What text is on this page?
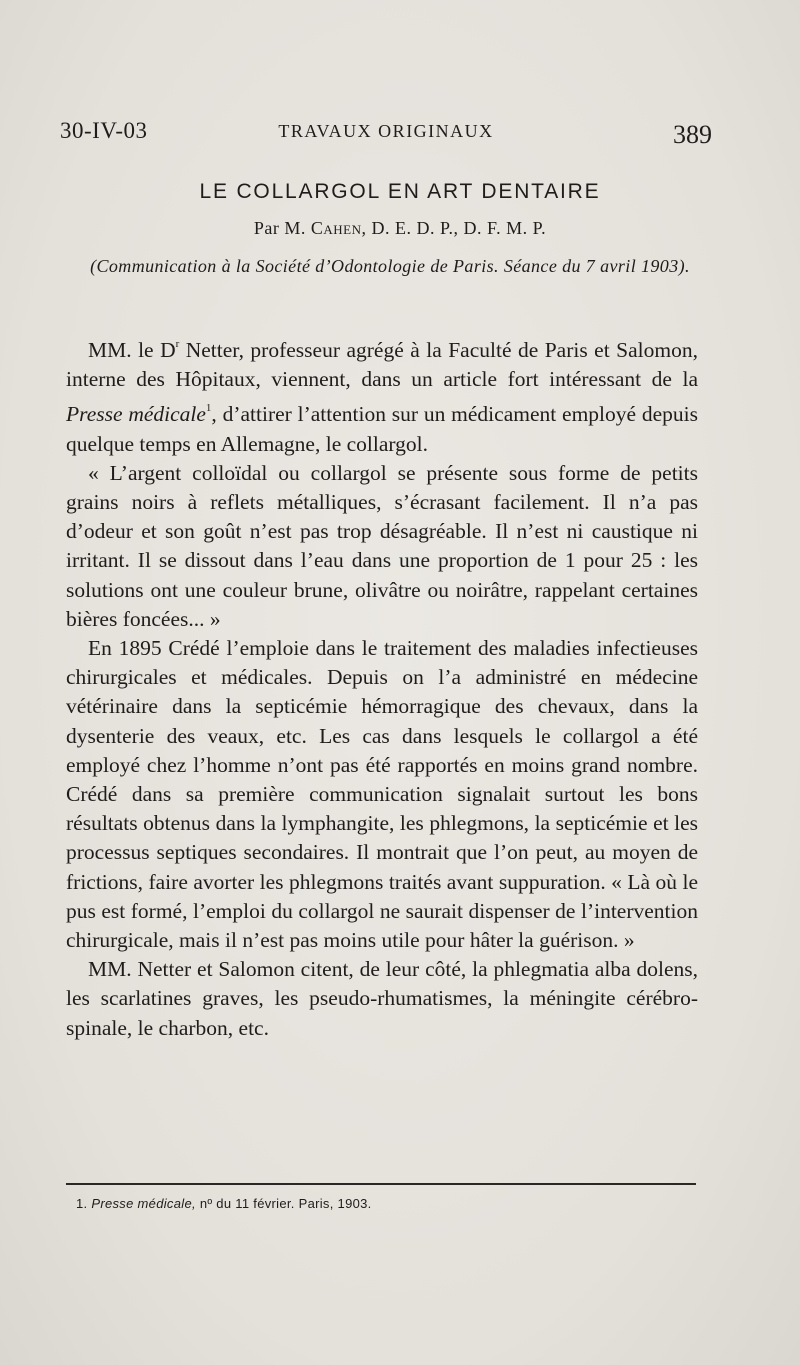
30-IV-03	TRAVAUX ORIGINAUX	389
LE COLLARGOL EN ART DENTAIRE
Par M. Cahen, D. E. D. P., D. F. M. P.
(Communication à la Société d’Odontologie de Paris. Séance du 7 avril 1903).

MM. le $D^r$ Netter, professeur agrégé à la Faculté de Paris et Salomon, interne des Hôpitaux, viennent, dans un article fort intéressant de la Presse médicale$^1$, d’attirer l’attention sur un médicament employé depuis quelque temps en Allemagne, le collargol.

« L’argent colloïdal ou collargol se présente sous forme de petits grains noirs à reflets métalliques, s’écrasant facilement. Il n’a pas d’odeur et son goût n’est pas trop désagréable. Il n’est ni caustique ni irritant. Il se dissout dans l’eau dans une proportion de 1 pour 25 : les solutions ont une couleur brune, olivâtre ou noirâtre, rappelant certaines bières foncées... »

En 1895 Crédé l’emploie dans le traitement des maladies infectieuses chirurgicales et médicales. Depuis on l’a administré en médecine vétérinaire dans la septicémie hémorragique des chevaux, dans la dysenterie des veaux, etc. Les cas dans lesquels le collargol a été employé chez l’homme n’ont pas été rapportés en moins grand nombre. Crédé dans sa première communication signalait surtout les bons résultats obtenus dans la lymphangite, les phlegmons, la septicémie et les processus septiques secondaires. Il montrait que l’on peut, au moyen de frictions, faire avorter les phlegmons traités avant suppuration. « Là où le pus est formé, l’emploi du collargol ne saurait dispenser de l’intervention chirurgicale, mais il n’est pas moins utile pour hâter la guérison. »

MM. Netter et Salomon citent, de leur côté, la phlegmatia alba dolens, les scarlatines graves, les pseudo-rhumatismes, la méningite cérébro-spinale, le charbon, etc.

1. Presse médicale, nº du 11 février. Paris, 1903.
